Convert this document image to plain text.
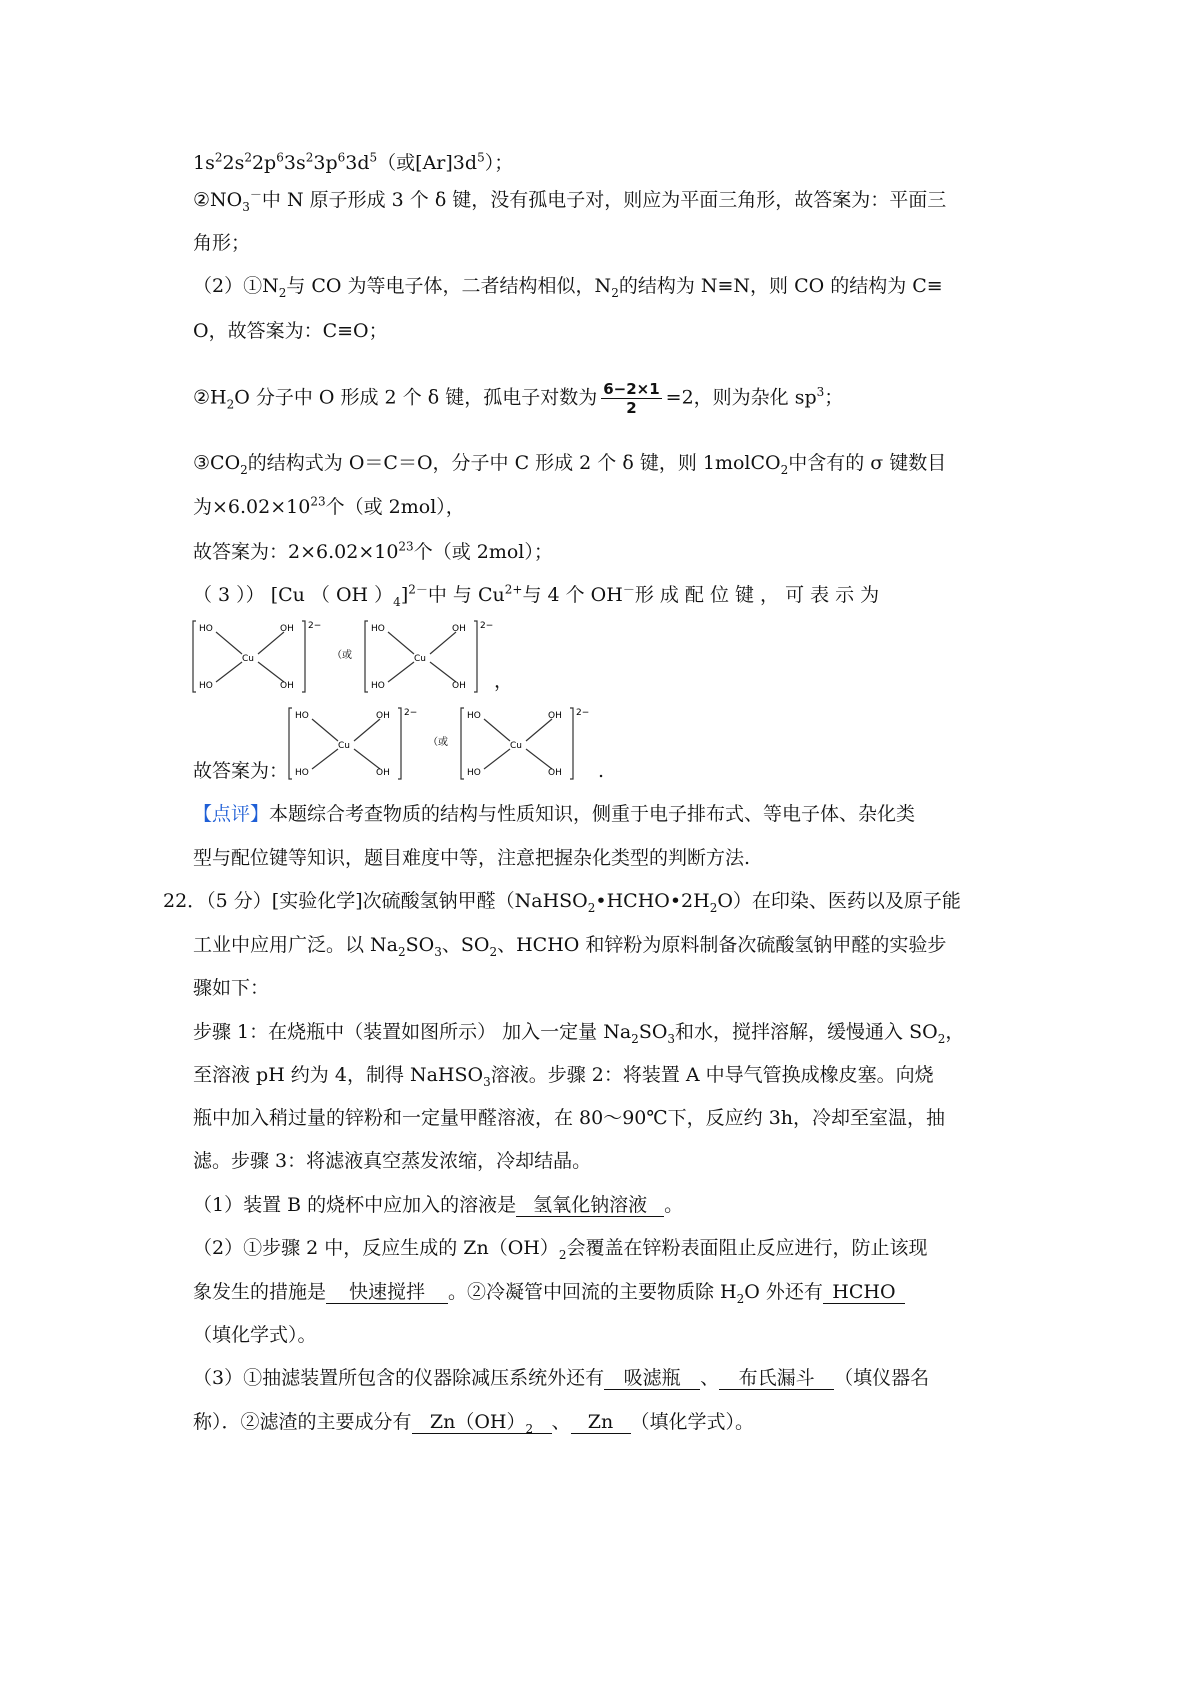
$1s^22s^22p^63s^23p^63d^5$（或$[Ar]3d^5$）；
$②NO_3^-$中 N 原子形成 3 个 δ 键，没有孤电子对，则应为平面三角形，故答案为：平面三
角形；
$(2)①N_2$与 CO 为等电子体，二者结构相似，$N_2$的结构为 N≡N，则 CO 的结构为 C≡
O，故答案为：C≡O；
$②H_2O$ 分子中 O 形成 2 个 δ 键，孤电子对数为 $\frac{6-2\times 1}{2} =2$，则为杂化 $sp^3$；
$③CO_2$的结构式为 O＝C＝O，分子中 C 形成 2 个 δ 键，则 1molCO$_2$中含有的 σ 键数目
为$\times 6.02\times 10^{23}$个（或 2mol），
故答案为：$2\times 6.02\times 10^{23}$个（或 2mol）；
（ 3 ）） [Cu （ OH ）$_4]^{2-}$中 与 $Cu^{2+}$与 4 个 OH－形 成 配 位 键 ， 可 表 示 为
HO	OH
Cu
HO	OH
2−
（或
HO	OH
Cu
HO	OH
2−
，
故答案为：
HO	OH
Cu
HO	OH
2−
（或
HO	OH
Cu
HO	OH
2−
.
【点评】本题综合考查物质的结构与性质知识，侧重于电子排布式、等电子体、杂化类
型与配位键等知识，题目难度中等，注意把握杂化类型的判断方法.
22．（5 分）[实验化学]次硫酸氢钠甲醛$(NaHSO_2•HCHO•2H_2O)$在印染、医药以及原子能
工业中应用广泛。以 $Na_2SO_3$、$SO_2$、HCHO 和锌粉为原料制备次硫酸氢钠甲醛的实验步
骤如下：
步骤 1：在烧瓶中（装置如图所示） 加入一定量 $Na_2SO_3$和水，搅拌溶解，缓慢通入 $SO_2$，
至溶液 pH 约为 4，制得 NaHSO$_3$溶液。步骤 2：将装置 A 中导气管换成橡皮塞。向烧
瓶中加入稍过量的锌粉和一定量甲醛溶液，在 80～90℃下，反应约 3h，冷却至室温，抽
滤。步骤 3：将滤液真空蒸发浓缩，冷却结晶。
（1）装置 B 的烧杯中应加入的溶液是 氢氧化钠溶液 。
（2）①步骤 2 中，反应生成的 $Zn(OH)_2$会覆盖在锌粉表面阻止反应进行，防止该现
象发生的措施是 快速搅拌 。②冷凝管中回流的主要物质除 $H_2O$ 外还有 HCHO
（填化学式）。
（3）①抽滤装置所包含的仪器除减压系统外还有 吸滤瓶 、 布氏漏斗 （填仪器名
称）．②滤渣的主要成分有 $Zn(OH)_2$ 、 Zn （填化学式）。
